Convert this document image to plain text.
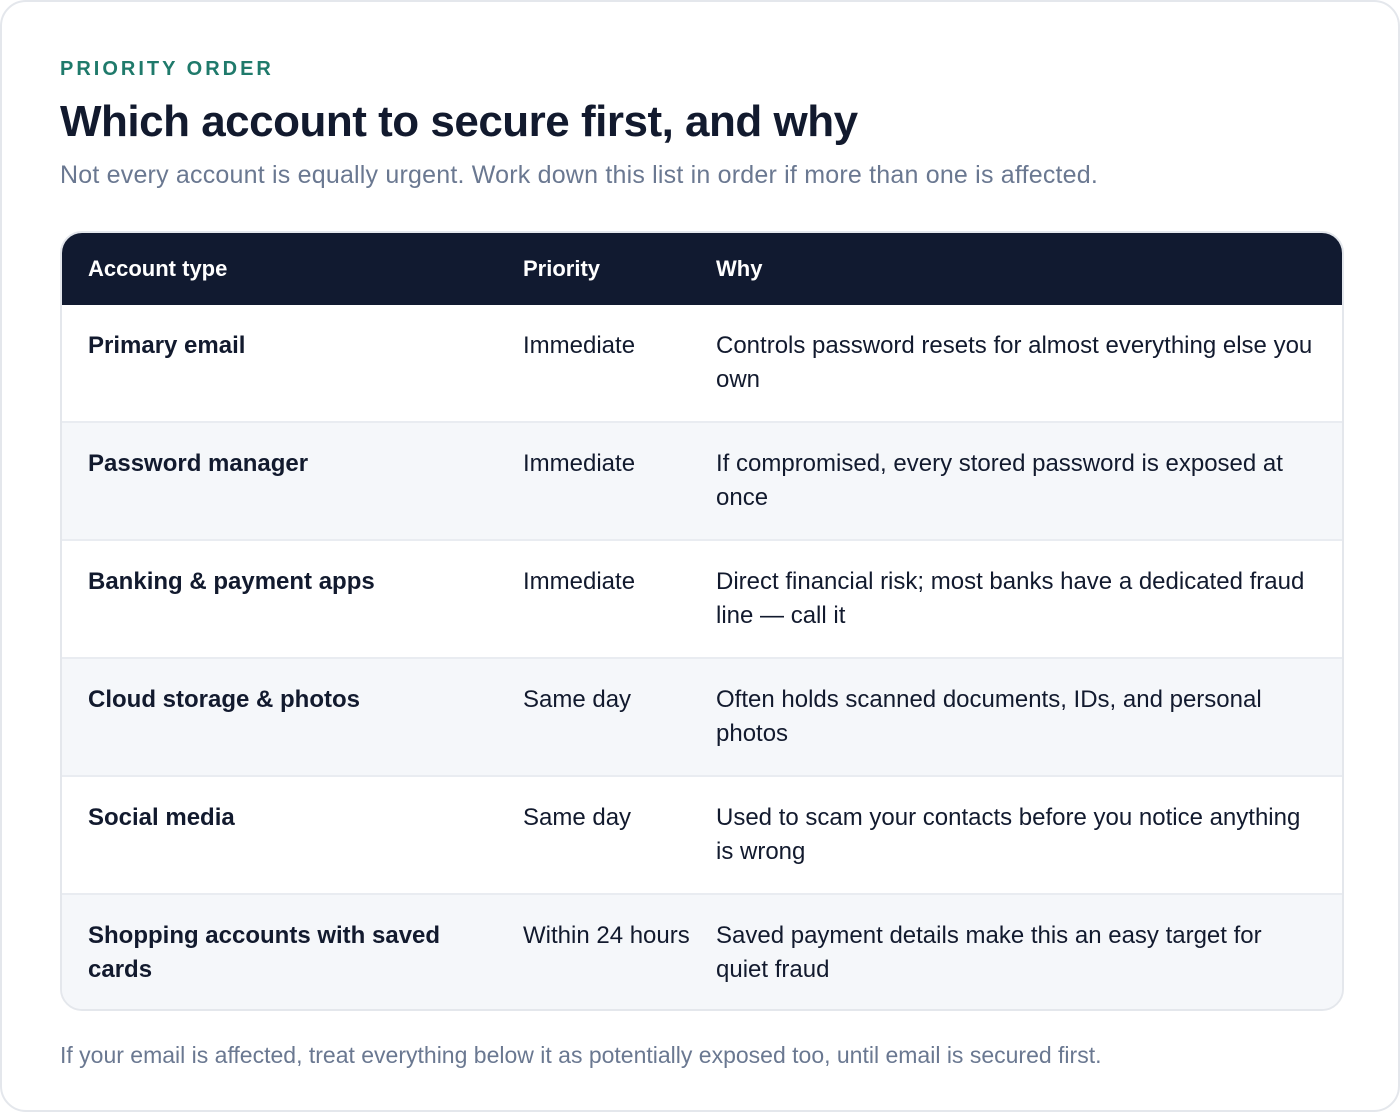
PRIORITY ORDER
Which account to secure first, and why

Not every account is equally urgent. Work down this list in order if more than one is affected.

Account type	Priority	Why
Primary email	Immediate	Controls password resets for almost everything else you own
Password manager	Immediate	If compromised, every stored password is exposed at once
Banking & payment apps	Immediate	Direct financial risk; most banks have a dedicated fraud line — call it
Cloud storage & photos	Same day	Often holds scanned documents, IDs, and personal photos
Social media	Same day	Used to scam your contacts before you notice anything is wrong
Shopping accounts with saved cards	Within 24 hours	Saved payment details make this an easy target for quiet fraud

If your email is affected, treat everything below it as potentially exposed too, until email is secured first.
